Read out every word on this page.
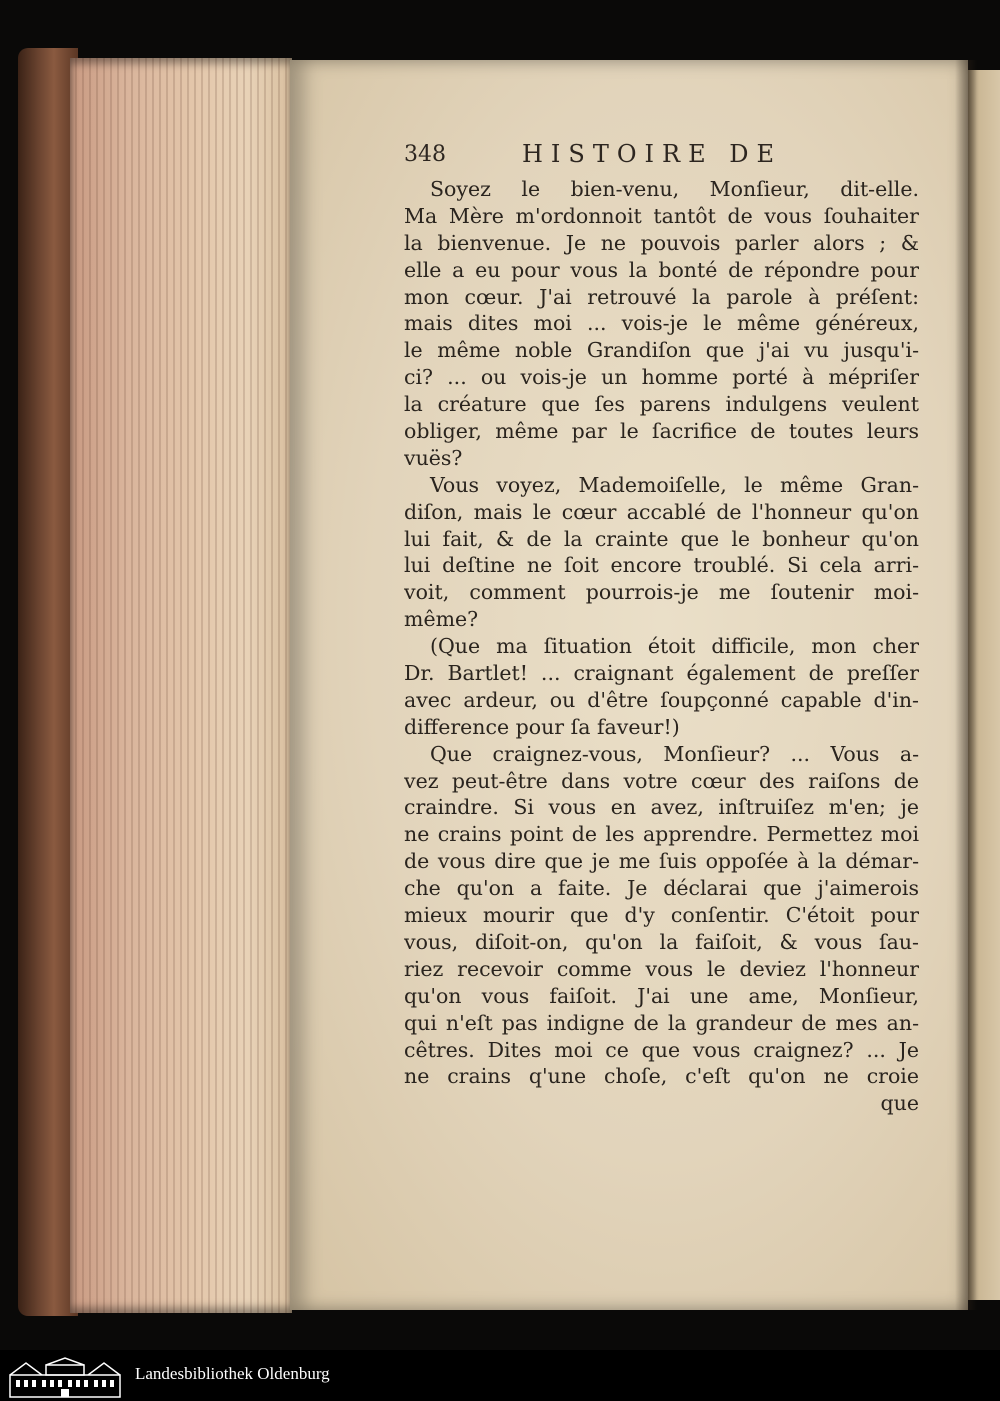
348	HISTOIRE DE
Soyez le bien-venu, Monſieur, dit-elle.
Ma Mère m'ordonnoit tantôt de vous ſouhaiter
la bienvenue. Je ne pouvois parler alors ; &
elle a eu pour vous la bonté de répondre pour
mon cœur. J'ai retrouvé la parole à préſent:
mais dites moi ... vois-je le même généreux,
le même noble Grandiſon que j'ai vu jusqu'i-
ci? ... ou vois-je un homme porté à mépriſer
la créature que ſes parens indulgens veulent
obliger, même par le ſacrifice de toutes leurs
vuës?
Vous voyez, Mademoiſelle, le même Gran-
diſon, mais le cœur accablé de l'honneur qu'on
lui fait, & de la crainte que le bonheur qu'on
lui deſtine ne ſoit encore troublé. Si cela arri-
voit, comment pourrois-je me ſoutenir moi-
même?
(Que ma ſituation étoit difficile, mon cher
Dr. Bartlet! ... craignant également de preſſer
avec ardeur, ou d'être ſoupçonné capable d'in-
difference pour ſa faveur!)
Que craignez-vous, Monſieur? ... Vous a-
vez peut-être dans votre cœur des raiſons de
craindre. Si vous en avez, inſtruiſez m'en; je
ne crains point de les apprendre. Permettez moi
de vous dire que je me ſuis oppoſée à la démar-
che qu'on a faite. Je déclarai que j'aimerois
mieux mourir que d'y conſentir. C'étoit pour
vous, diſoit-on, qu'on la faiſoit, & vous ſau-
riez recevoir comme vous le deviez l'honneur
qu'on vous faiſoit. J'ai une ame, Monſieur,
qui n'eſt pas indigne de la grandeur de mes an-
cêtres. Dites moi ce que vous craignez? ... Je
ne crains q'une choſe, c'eſt qu'on ne croie
que
Landesbibliothek Oldenburg
